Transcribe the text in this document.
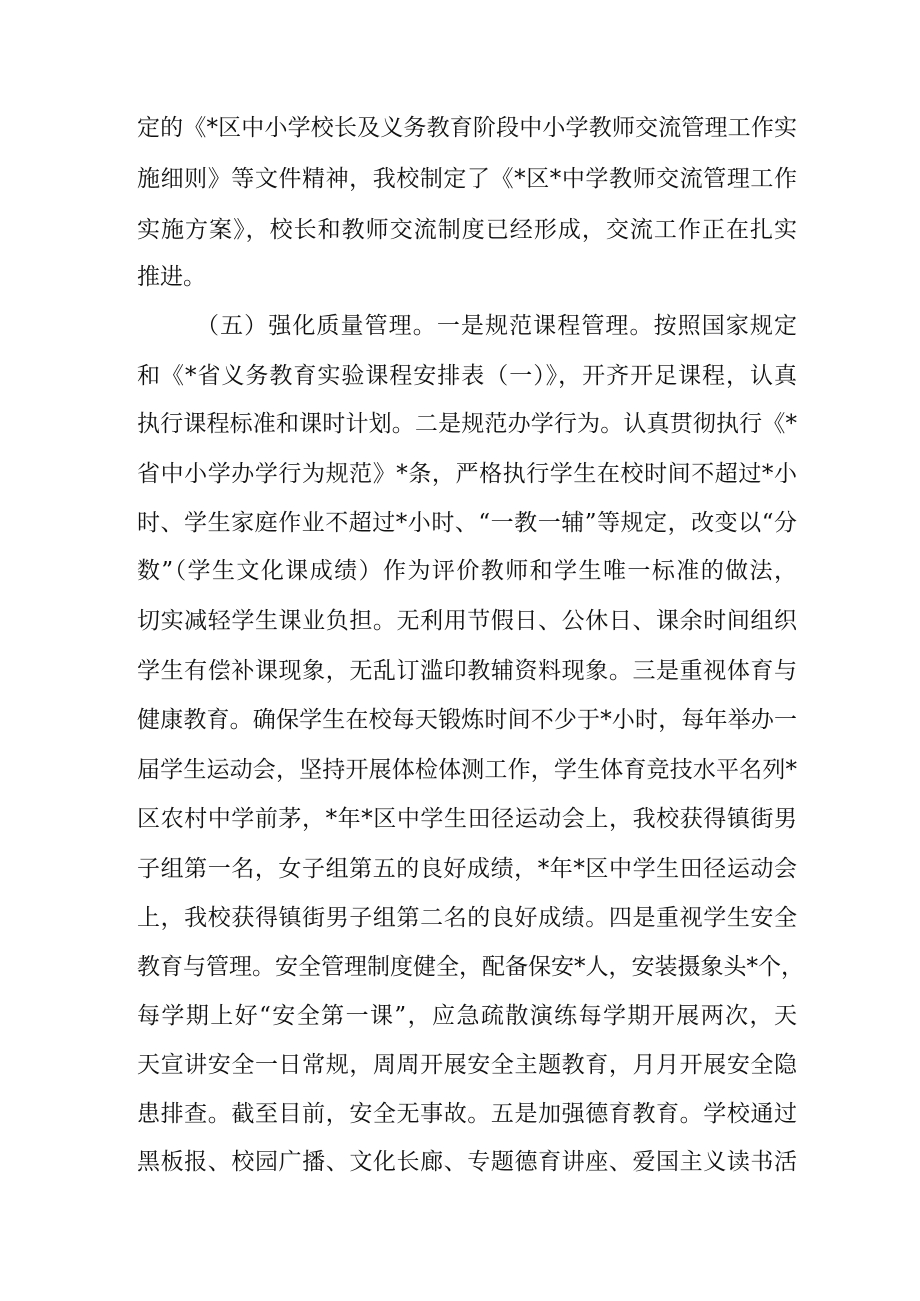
定的《*区中小学校长及义务教育阶段中小学教师交流管理工作实
施细则》等文件精神，我校制定了《*区*中学教师交流管理工作
实施方案》，校长和教师交流制度已经形成，交流工作正在扎实
推进。
（五）强化质量管理。一是规范课程管理。按照国家规定
和《*省义务教育实验课程安排表（一）》，开齐开足课程，认真
执行课程标准和课时计划。二是规范办学行为。认真贯彻执行《*
省中小学办学行为规范》*条，严格执行学生在校时间不超过*小
时、学生家庭作业不超过*小时、“一教一辅”等规定，改变以“分
数”（学生文化课成绩）作为评价教师和学生唯一标准的做法，
切实减轻学生课业负担。无利用节假日、公休日、课余时间组织
学生有偿补课现象，无乱订滥印教辅资料现象。三是重视体育与
健康教育。确保学生在校每天锻炼时间不少于*小时，每年举办一
届学生运动会，坚持开展体检体测工作，学生体育竞技水平名列*
区农村中学前茅，*年*区中学生田径运动会上，我校获得镇街男
子组第一名，女子组第五的良好成绩，*年*区中学生田径运动会
上，我校获得镇街男子组第二名的良好成绩。四是重视学生安全
教育与管理。安全管理制度健全，配备保安*人，安装摄象头*个，
每学期上好“安全第一课”，应急疏散演练每学期开展两次，天
天宣讲安全一日常规，周周开展安全主题教育，月月开展安全隐
患排查。截至目前，安全无事故。五是加强德育教育。学校通过
黑板报、校园广播、文化长廊、专题德育讲座、爱国主义读书活
